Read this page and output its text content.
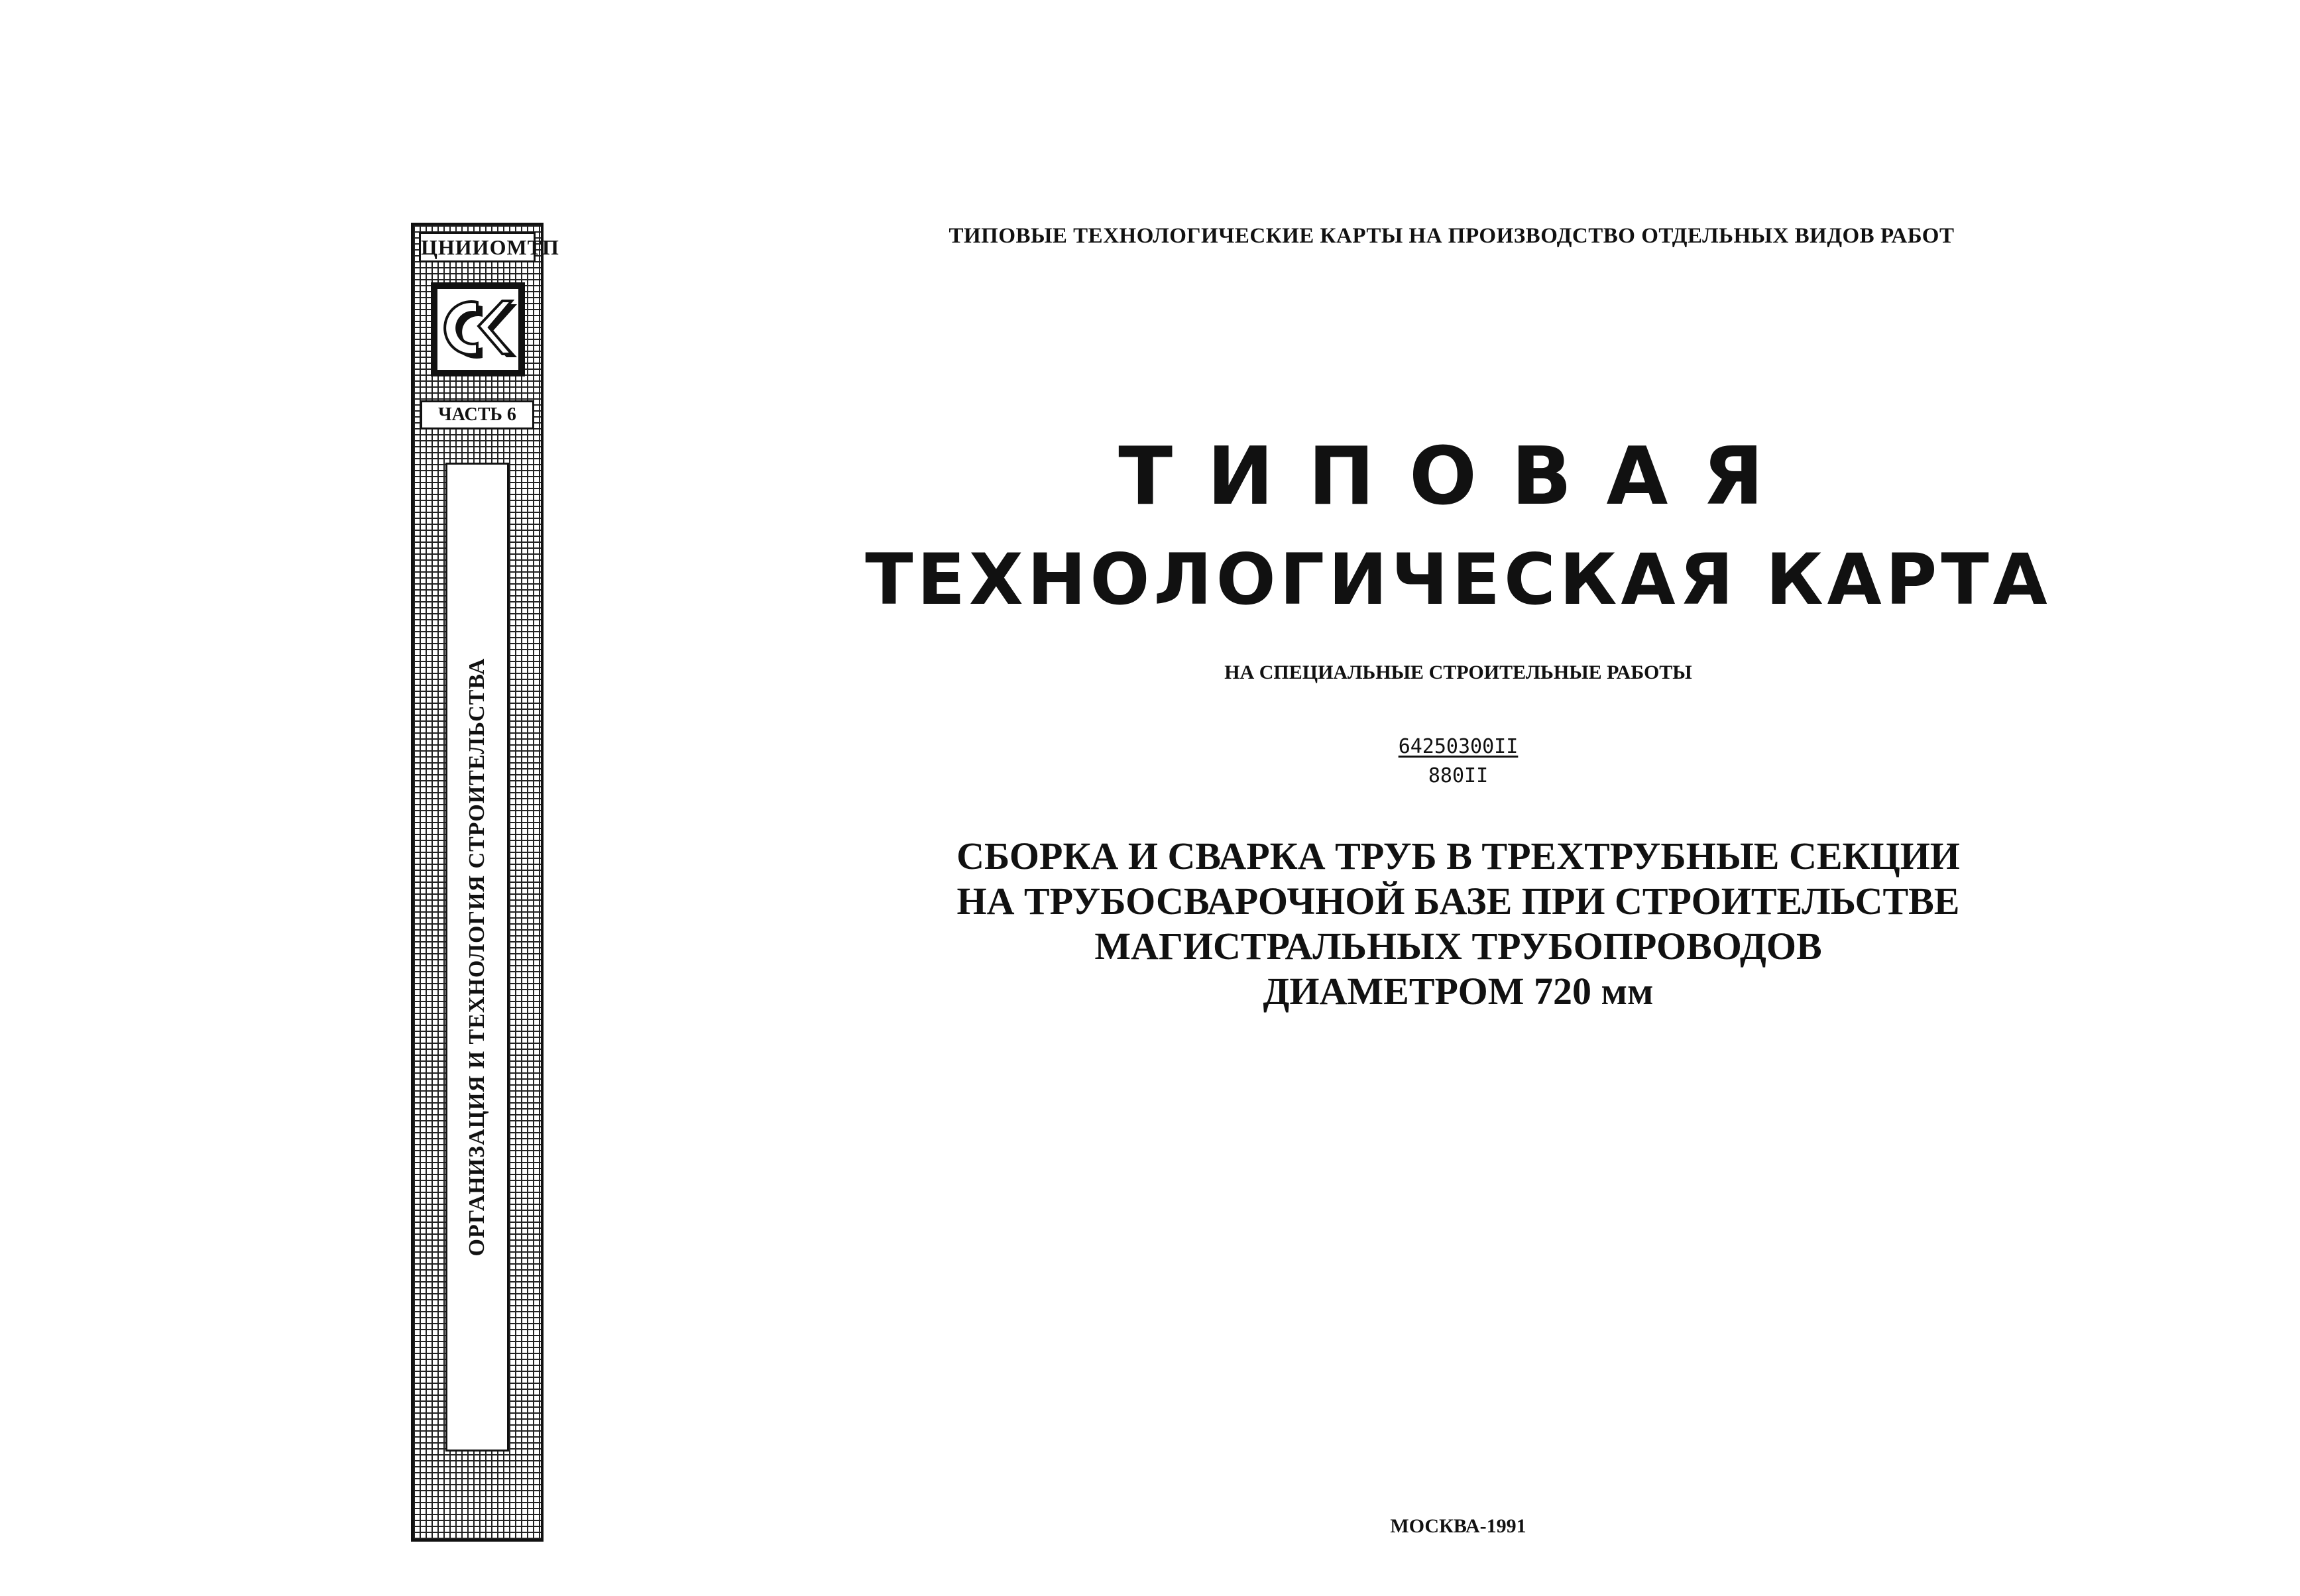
ЦНИИОМТП
ЧАСТЬ 6
ОРГАНИЗАЦИЯ И ТЕХНОЛОГИЯ СТРОИТЕЛЬСТВА
ТИПОВЫЕ ТЕХНОЛОГИЧЕСКИЕ КАРТЫ НА ПРОИЗВОДСТВО ОТДЕЛЬНЫХ ВИДОВ РАБОТ
ТИПОВАЯ
ТЕХНОЛОГИЧЕСКАЯ КАРТА
НА СПЕЦИАЛЬНЫЕ СТРОИТЕЛЬНЫЕ РАБОТЫ
64250300II
880II
СБОРКА И СВАРКА ТРУБ В ТРЕХТРУБНЫЕ СЕКЦИИ
НА ТРУБОСВАРОЧНОЙ БАЗЕ ПРИ СТРОИТЕЛЬСТВЕ
МАГИСТРАЛЬНЫХ ТРУБОПРОВОДОВ
ДИАМЕТРОМ 720 мм
МОСКВА-1991
